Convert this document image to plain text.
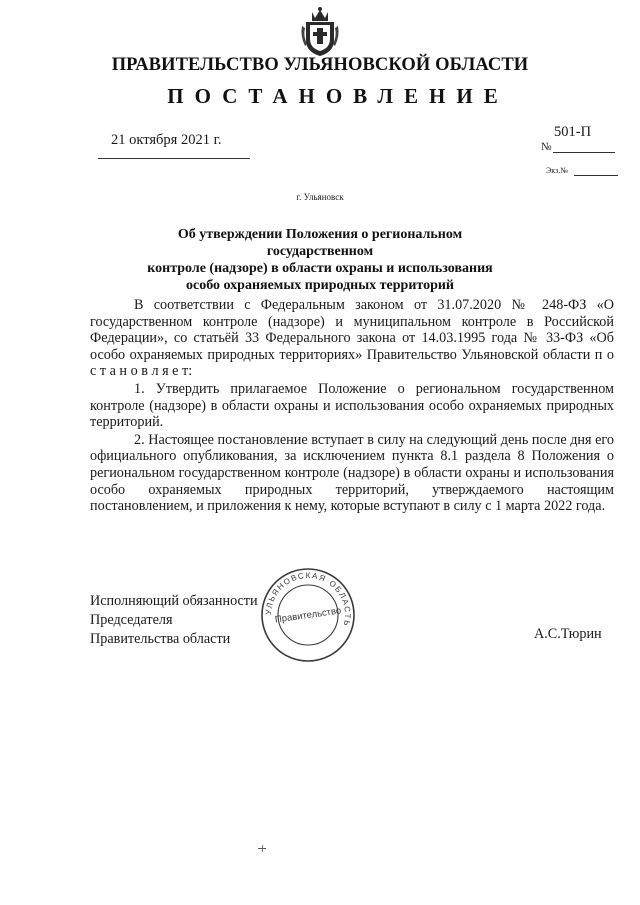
ПРАВИТЕЛЬСТВО УЛЬЯНОВСКОЙ ОБЛАСТИ
ПОСТАНОВЛЕНИЕ
21 октября 2021 г.	501-П
№
Экз.№
г. Ульяновск
Об утверждении Положения о региональном государственном
контроле (надзоре) в области охраны и использования
особо охраняемых природных территорий

В соответствии с Федеральным законом от 31.07.2020 № 248-ФЗ «О государственном контроле (надзоре) и муниципальном контроле в Российской Федерации», со статьёй 33 Федерального закона от 14.03.1995 года № 33-ФЗ «Об особо охраняемых природных территориях» Правительство Ульяновской области п о с т а н о в л я е т:

1. Утвердить прилагаемое Положение о региональном государственном контроле (надзоре) в области охраны и использования особо охраняемых природных территорий.

2. Настоящее постановление вступает в силу на следующий день после дня его официального опубликования, за исключением пункта 8.1 раздела 8 Положения о региональном государственном контроле (надзоре) в области охраны и использования особо охраняемых природных территорий, утверждаемого настоящим постановлением, и приложения к нему, которые вступают в силу с 1 марта 2022 года.

Исполняющий обязанности
Председателя
Правительства области	А.С.Тюрин
УЛЬЯНОВСКАЯ ОБЛАСТЬ
Правительство
